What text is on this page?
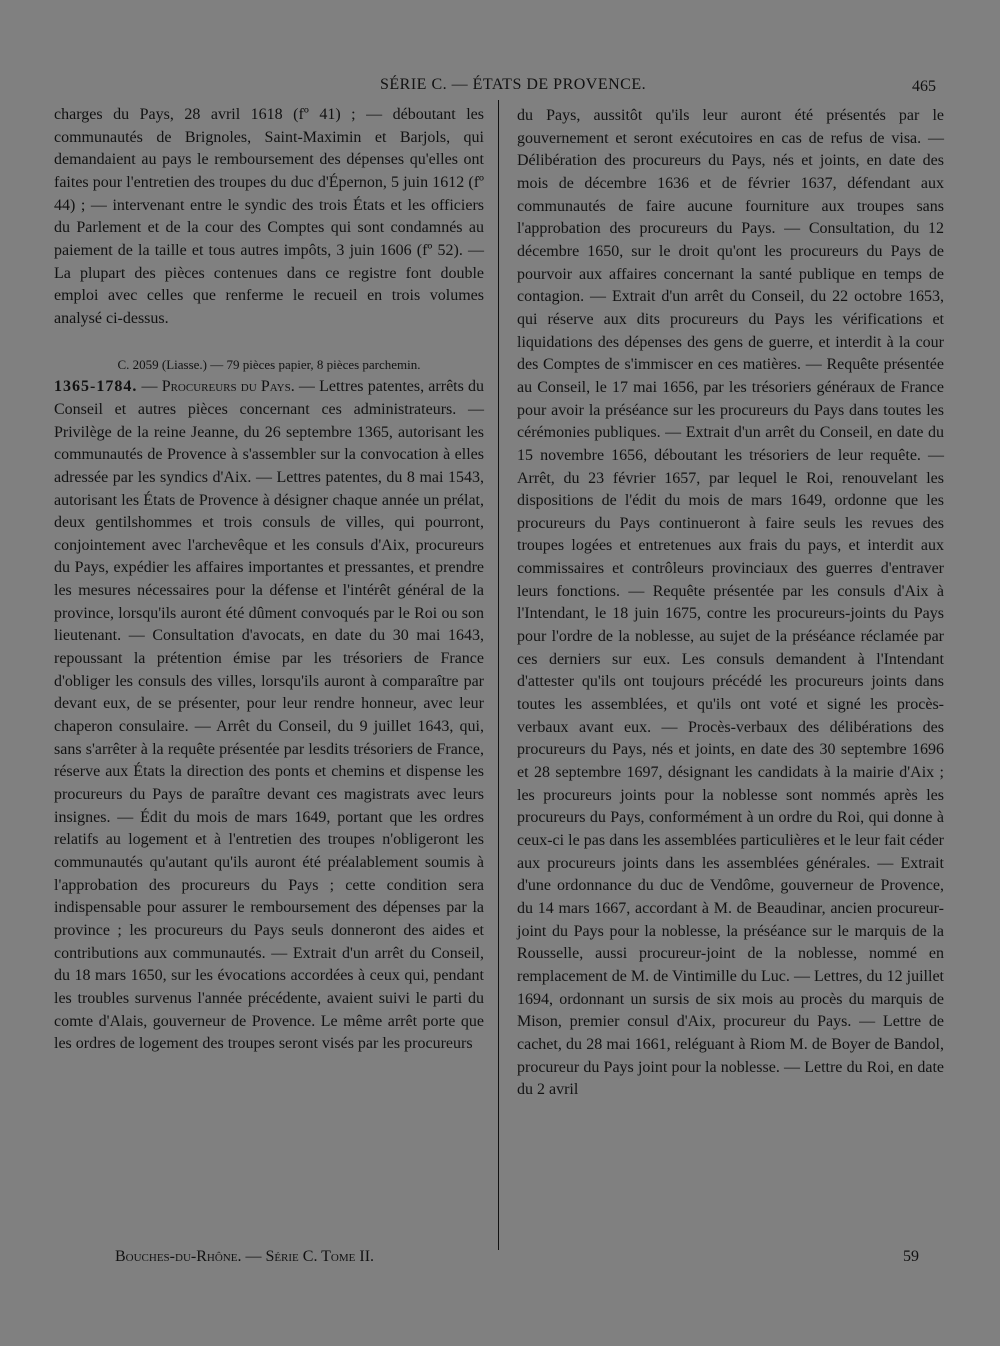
SÉRIE C. — ÉTATS DE PROVENCE.	465

charges du Pays, 28 avril 1618 (fº 41) ; — déboutant les communautés de Brignoles, Saint-Maximin et Barjols, qui demandaient au pays le remboursement des dépenses qu'elles ont faites pour l'entretien des troupes du duc d'Épernon, 5 juin 1612 (fº 44) ; — intervenant entre le syndic des trois États et les officiers du Parlement et de la cour des Comptes qui sont condamnés au paiement de la taille et tous autres impôts, 3 juin 1606 (fº 52). — La plupart des pièces contenues dans ce registre font double emploi avec celles que renferme le recueil en trois volumes analysé ci-dessus.

C. 2059 (Liasse.) — 79 pièces papier, 8 pièces parchemin.

1365-1784. — Procureurs du Pays. — Lettres patentes, arrêts du Conseil et autres pièces concernant ces administrateurs. — Privilège de la reine Jeanne, du 26 septembre 1365, autorisant les communautés de Provence à s'assembler sur la convocation à elles adressée par les syndics d'Aix. — Lettres patentes, du 8 mai 1543, autorisant les États de Provence à désigner chaque année un prélat, deux gentilshommes et trois consuls de villes, qui pourront, conjointement avec l'archevêque et les consuls d'Aix, procureurs du Pays, expédier les affaires importantes et pressantes, et prendre les mesures nécessaires pour la défense et l'intérêt général de la province, lorsqu'ils auront été dûment convoqués par le Roi ou son lieutenant. — Consultation d'avocats, en date du 30 mai 1643, repoussant la prétention émise par les trésoriers de France d'obliger les consuls des villes, lorsqu'ils auront à comparaître par devant eux, de se présenter, pour leur rendre honneur, avec leur chaperon consulaire. — Arrêt du Conseil, du 9 juillet 1643, qui, sans s'arrêter à la requête présentée par lesdits trésoriers de France, réserve aux États la direction des ponts et chemins et dispense les procureurs du Pays de paraître devant ces magistrats avec leurs insignes. — Édit du mois de mars 1649, portant que les ordres relatifs au logement et à l'entretien des troupes n'obligeront les communautés qu'autant qu'ils auront été préalablement soumis à l'approbation des procureurs du Pays ; cette condition sera indispensable pour assurer le remboursement des dépenses par la province ; les procureurs du Pays seuls donneront des aides et contributions aux communautés. — Extrait d'un arrêt du Conseil, du 18 mars 1650, sur les évocations accordées à ceux qui, pendant les troubles survenus l'année précédente, avaient suivi le parti du comte d'Alais, gouverneur de Provence. Le même arrêt porte que les ordres de logement des troupes seront visés par les procureurs

du Pays, aussitôt qu'ils leur auront été présentés par le gouvernement et seront exécutoires en cas de refus de visa. — Délibération des procureurs du Pays, nés et joints, en date des mois de décembre 1636 et de février 1637, défendant aux communautés de faire aucune fourniture aux troupes sans l'approbation des procureurs du Pays. — Consultation, du 12 décembre 1650, sur le droit qu'ont les procureurs du Pays de pourvoir aux affaires concernant la santé publique en temps de contagion. — Extrait d'un arrêt du Conseil, du 22 octobre 1653, qui réserve aux dits procureurs du Pays les vérifications et liquidations des dépenses des gens de guerre, et interdit à la cour des Comptes de s'immiscer en ces matières. — Requête présentée au Conseil, le 17 mai 1656, par les trésoriers généraux de France pour avoir la préséance sur les procureurs du Pays dans toutes les cérémonies publiques. — Extrait d'un arrêt du Conseil, en date du 15 novembre 1656, déboutant les trésoriers de leur requête. — Arrêt, du 23 février 1657, par lequel le Roi, renouvelant les dispositions de l'édit du mois de mars 1649, ordonne que les procureurs du Pays continueront à faire seuls les revues des troupes logées et entretenues aux frais du pays, et interdit aux commissaires et contrôleurs provinciaux des guerres d'entraver leurs fonctions. — Requête présentée par les consuls d'Aix à l'Intendant, le 18 juin 1675, contre les procureurs-joints du Pays pour l'ordre de la noblesse, au sujet de la préséance réclamée par ces derniers sur eux. Les consuls demandent à l'Intendant d'attester qu'ils ont toujours précédé les procureurs joints dans toutes les assemblées, et qu'ils ont voté et signé les procès-verbaux avant eux. — Procès-verbaux des délibérations des procureurs du Pays, nés et joints, en date des 30 septembre 1696 et 28 septembre 1697, désignant les candidats à la mairie d'Aix ; les procureurs joints pour la noblesse sont nommés après les procureurs du Pays, conformément à un ordre du Roi, qui donne à ceux-ci le pas dans les assemblées particulières et le leur fait céder aux procureurs joints dans les assemblées générales. — Extrait d'une ordonnance du duc de Vendôme, gouverneur de Provence, du 14 mars 1667, accordant à M. de Beaudinar, ancien procureur-joint du Pays pour la noblesse, la préséance sur le marquis de la Rousselle, aussi procureur-joint de la noblesse, nommé en remplacement de M. de Vintimille du Luc. — Lettres, du 12 juillet 1694, ordonnant un sursis de six mois au procès du marquis de Mison, premier consul d'Aix, procureur du Pays. — Lettre de cachet, du 28 mai 1661, reléguant à Riom M. de Boyer de Bandol, procureur du Pays joint pour la noblesse. — Lettre du Roi, en date du 2 avril

Bouches-du-Rhône. — Série C. Tome II.	59
